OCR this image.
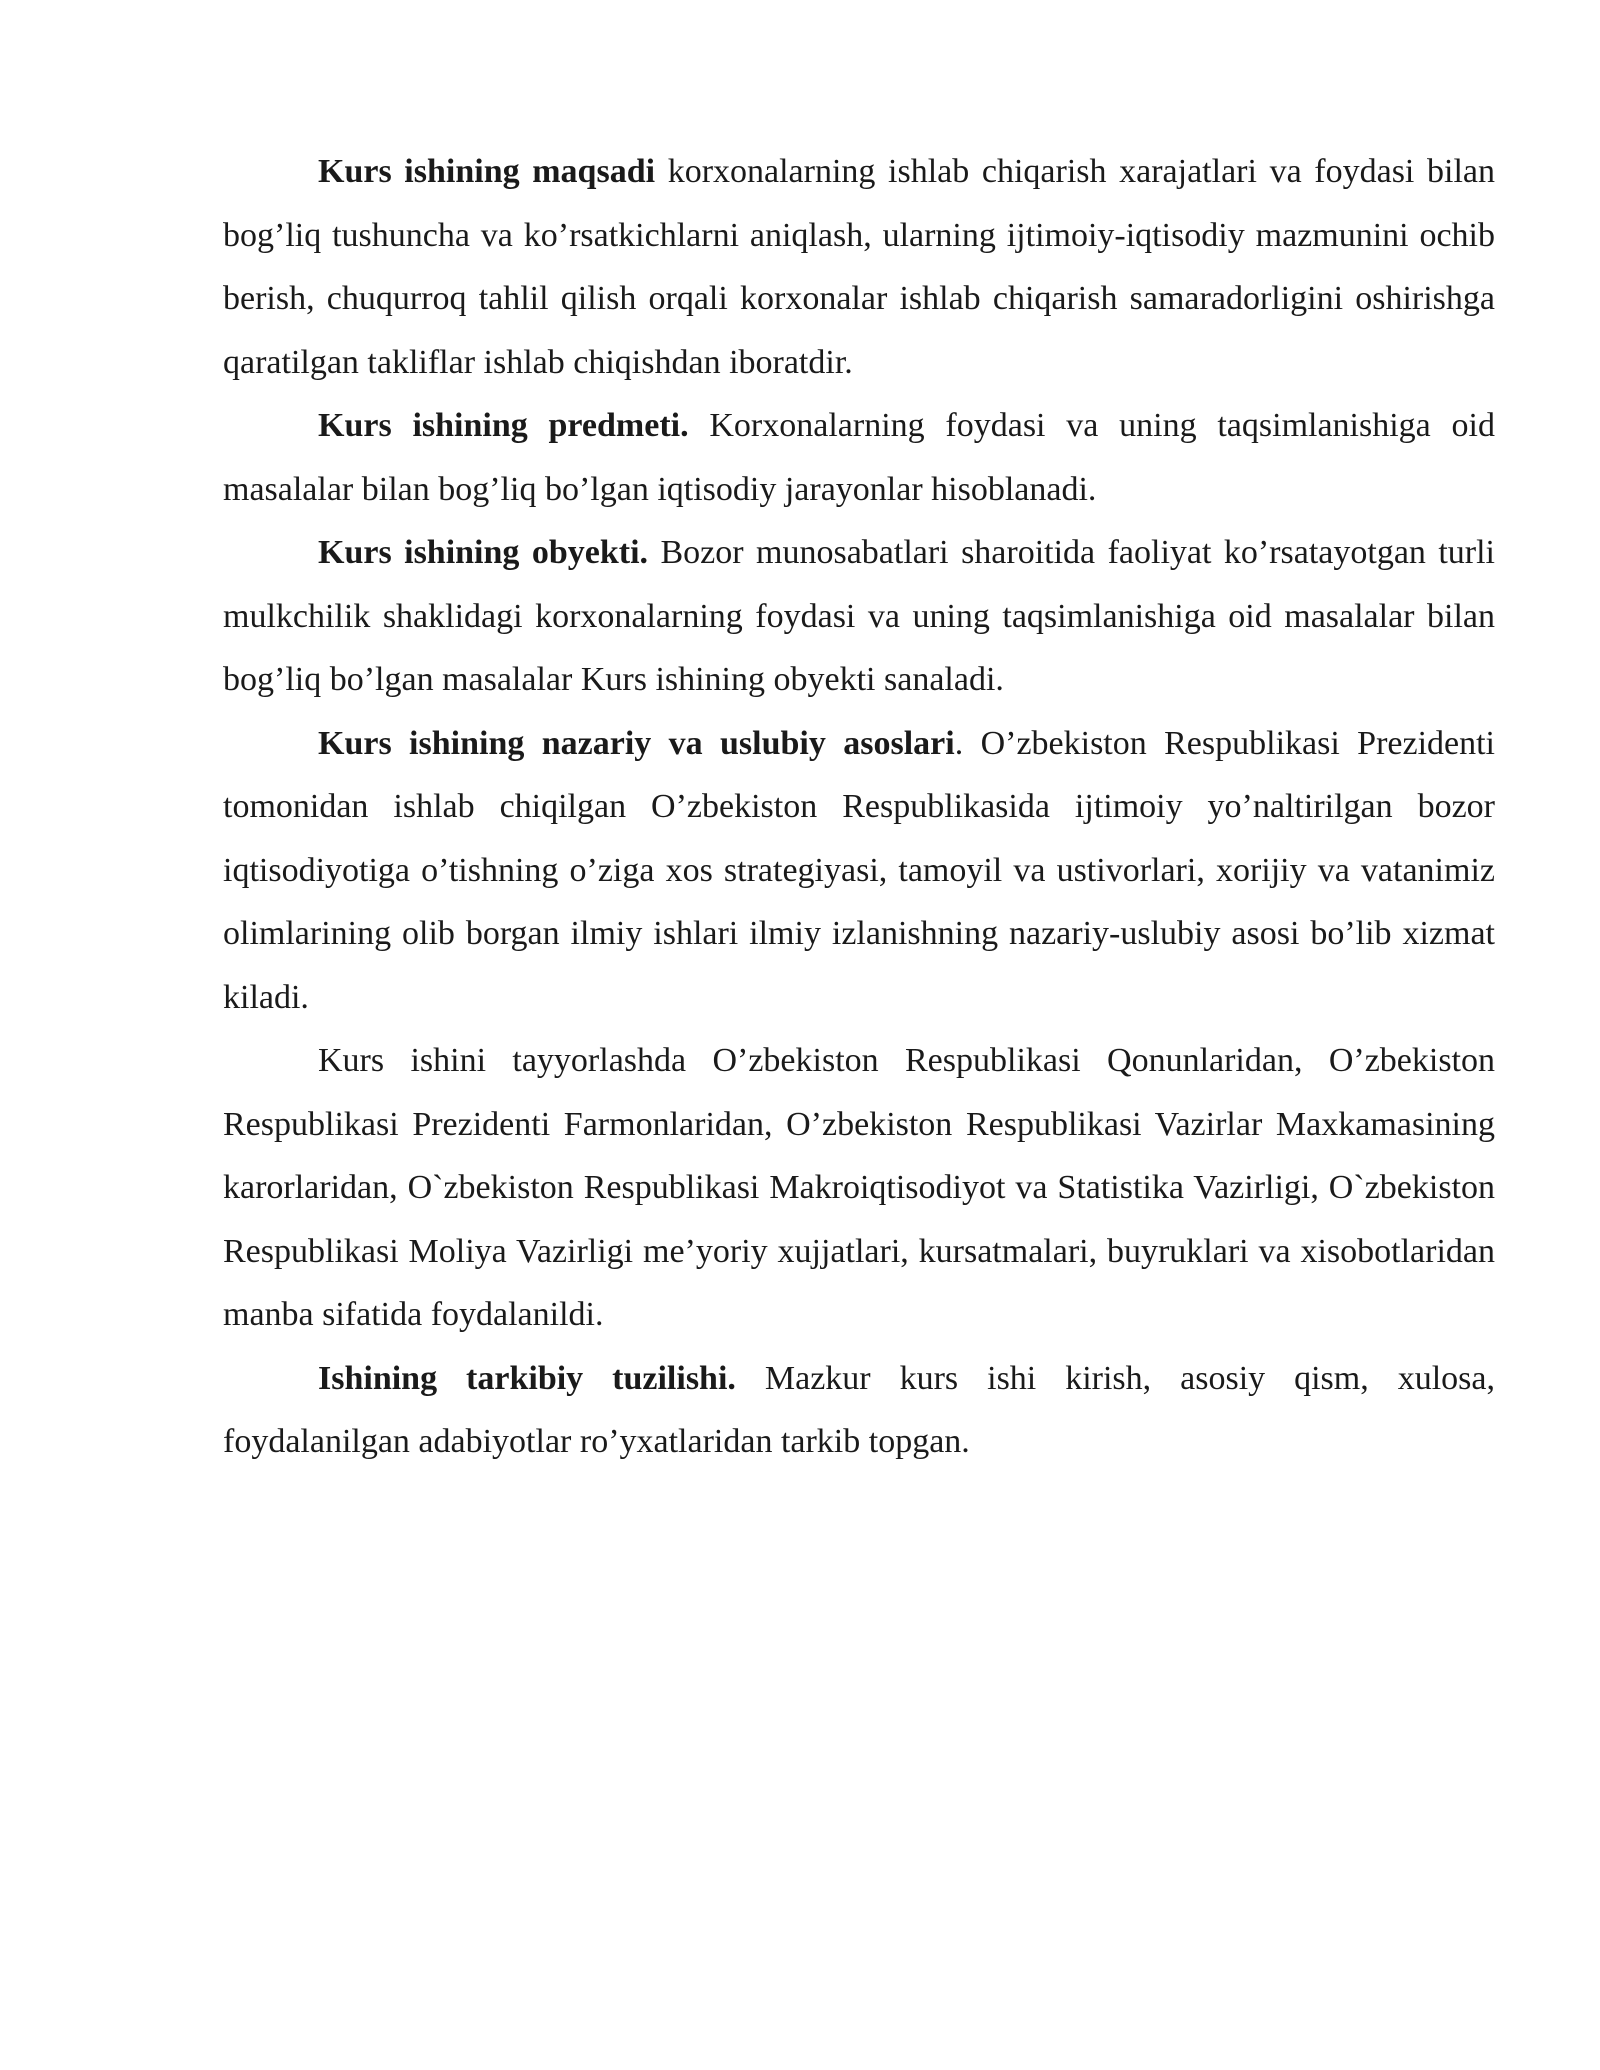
Kurs ishining maqsadi korxonalarning ishlab chiqarish xarajatlari va foydasi bilan bog’liq tushuncha va ko’rsatkichlarni aniqlash, ularning ijtimoiy-iqtisodiy mazmunini ochib berish, chuqurroq tahlil qilish orqali korxonalar ishlab chiqarish samaradorligini oshirishga qaratilgan takliflar ishlab chiqishdan iboratdir.

Kurs ishining predmeti. Korxonalarning foydasi va uning taqsimlanishiga oid masalalar bilan bog’liq bo’lgan iqtisodiy jarayonlar hisoblanadi.

Kurs ishining obyekti. Bozor munosabatlari sharoitida faoliyat ko’rsatayotgan turli mulkchilik shaklidagi korxonalarning foydasi va uning taqsimlanishiga oid masalalar bilan bog’liq bo’lgan masalalar Kurs ishining obyekti sanaladi.

Kurs ishining nazariy va uslubiy asoslari. O’zbekiston Respublikasi Prezidenti tomonidan ishlab chiqilgan O’zbekiston Respublikasida ijtimoiy yo’naltirilgan bozor iqtisodiyotiga o’tishning o’ziga xos strategiyasi, tamoyil va ustivorlari, xorijiy va vatanimiz olimlarining olib borgan ilmiy ishlari ilmiy izlanishning nazariy-uslubiy asosi bo’lib xizmat kiladi.

Kurs ishini tayyorlashda O’zbekiston Respublikasi Qonunlaridan, O’zbekiston Respublikasi Prezidenti Farmonlaridan, O’zbekiston Respublikasi Vazirlar Maxkamasining karorlaridan, O`zbekiston Respublikasi Makroiqtisodiyot va Statistika Vazirligi, O`zbekiston Respublikasi Moliya Vazirligi me’yoriy xujjatlari, kursatmalari, buyruklari va xisobotlaridan manba sifatida foydalanildi.

Ishining tarkibiy tuzilishi. Mazkur kurs ishi kirish, asosiy qism, xulosa, foydalanilgan adabiyotlar ro’yxatlaridan tarkib topgan.
